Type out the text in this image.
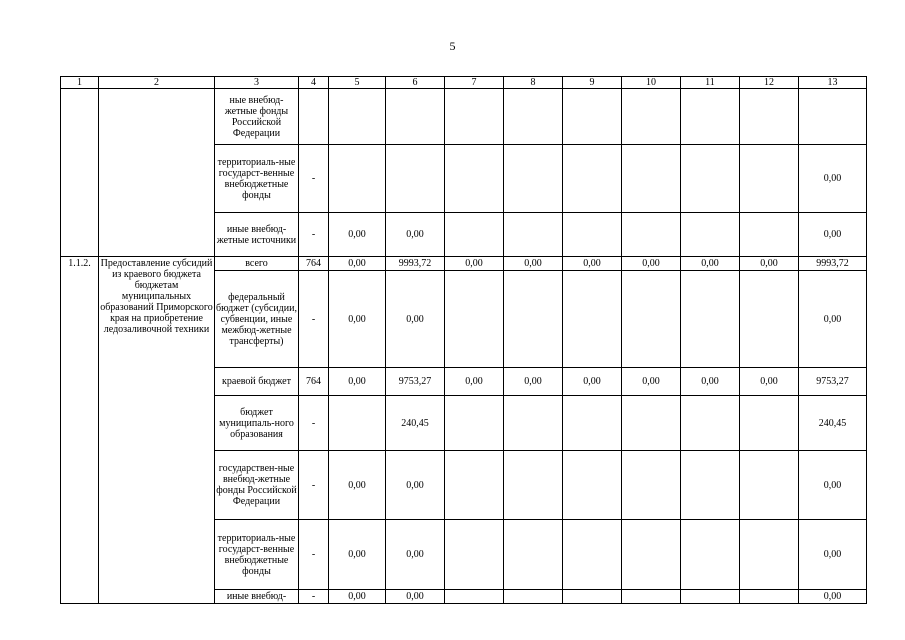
5
1	2	3	4	5	6	7	8	9	10	11	12	13
		ные внебюд-жетные фонды Российской Федерации										
		территориаль-ные государст-венные внебюджетные фонды	-									0,00
		иные внебюд-жетные источники	-	0,00	0,00							0,00
1.1.2.	Предоставление субсидий из краевого бюджета бюджетам муниципальных образований Приморского края на приобретение ледозаливочной техники	всего	764	0,00	9993,72	0,00	0,00	0,00	0,00	0,00	0,00	9993,72
		федеральный бюджет (субсидии, субвенции, иные межбюд-жетные трансферты)	-	0,00	0,00							0,00
		краевой бюджет	764	0,00	9753,27	0,00	0,00	0,00	0,00	0,00	0,00	9753,27
		бюджет муниципаль-ного образования	-		240,45							240,45
		государствен-ные внебюд-жетные фонды Российской Федерации	-	0,00	0,00							0,00
		территориаль-ные государст-венные внебюджетные фонды	-	0,00	0,00							0,00
		иные внебюд-	-	0,00	0,00							0,00
